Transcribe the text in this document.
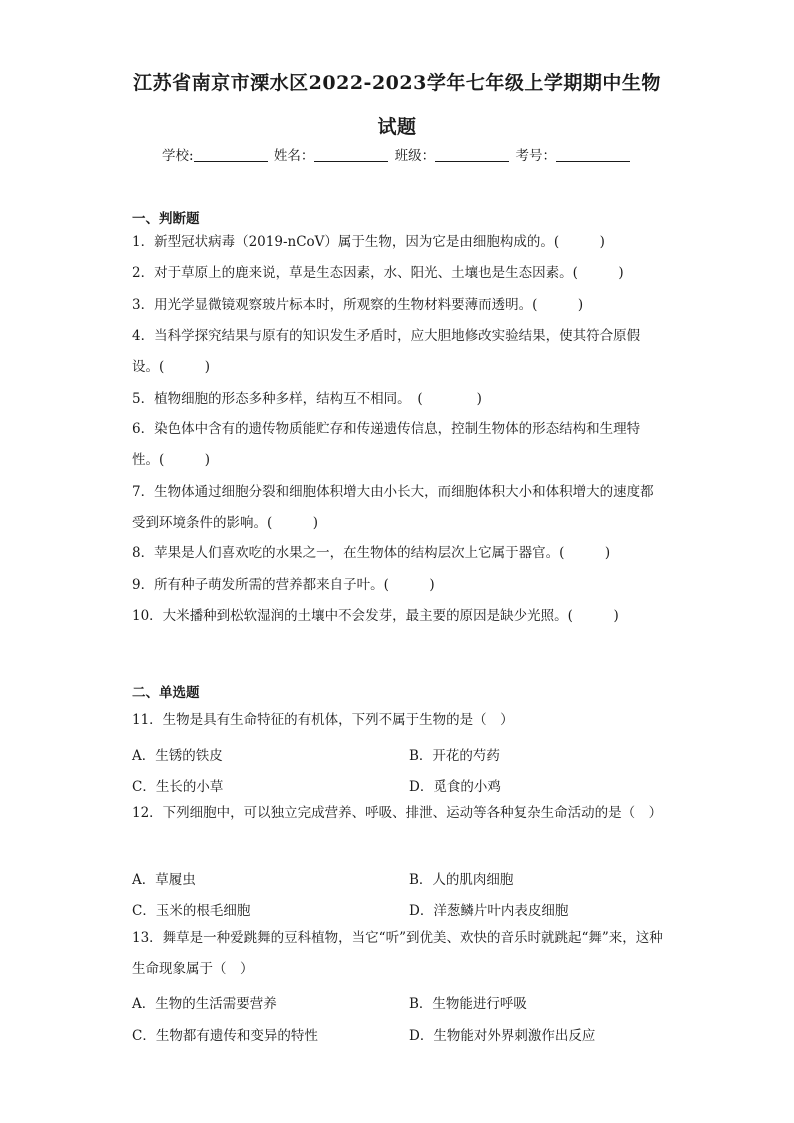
江苏省南京市溧水区2022-2023学年七年级上学期期中生物
试题
学校:	姓名：	班级：	考号：
一、判断题
1．新型冠状病毒（2019-nCoV）属于生物，因为它是由细胞构成的。(　　　)
2．对于草原上的鹿来说，草是生态因素，水、阳光、土壤也是生态因素。(　　　)
3．用光学显微镜观察玻片标本时，所观察的生物材料要薄而透明。(　　　)
4．当科学探究结果与原有的知识发生矛盾时，应大胆地修改实验结果，使其符合原假设。(　　　)
5．植物细胞的形态多种多样，结构互不相同。　(　　　　)
6．染色体中含有的遗传物质能贮存和传递遗传信息，控制生物体的形态结构和生理特性。(　　　)
7．生物体通过细胞分裂和细胞体积增大由小长大，而细胞体积大小和体积增大的速度都受到环境条件的影响。(　　　)
8．苹果是人们喜欢吃的水果之一，在生物体的结构层次上它属于器官。(　　　)
9．所有种子萌发所需的营养都来自子叶。(　　　)
10．大米播种到松软湿润的土壤中不会发芽，最主要的原因是缺少光照。(　　　)
二、单选题
11．生物是具有生命特征的有机体，下列不属于生物的是（　）
A．生锈的铁皮	B．开花的芍药
C．生长的小草	D．觅食的小鸡
12．下列细胞中，可以独立完成营养、呼吸、排泄、运动等各种复杂生命活动的是（　）
A．草履虫	B．人的肌肉细胞
C．玉米的根毛细胞	D．洋葱鳞片叶内表皮细胞
13．舞草是一种爱跳舞的豆科植物，当它“听”到优美、欢快的音乐时就跳起“舞”来，这种生命现象属于（　）
A．生物的生活需要营养	B．生物能进行呼吸
C．生物都有遗传和变异的特性	D．生物能对外界刺激作出反应
